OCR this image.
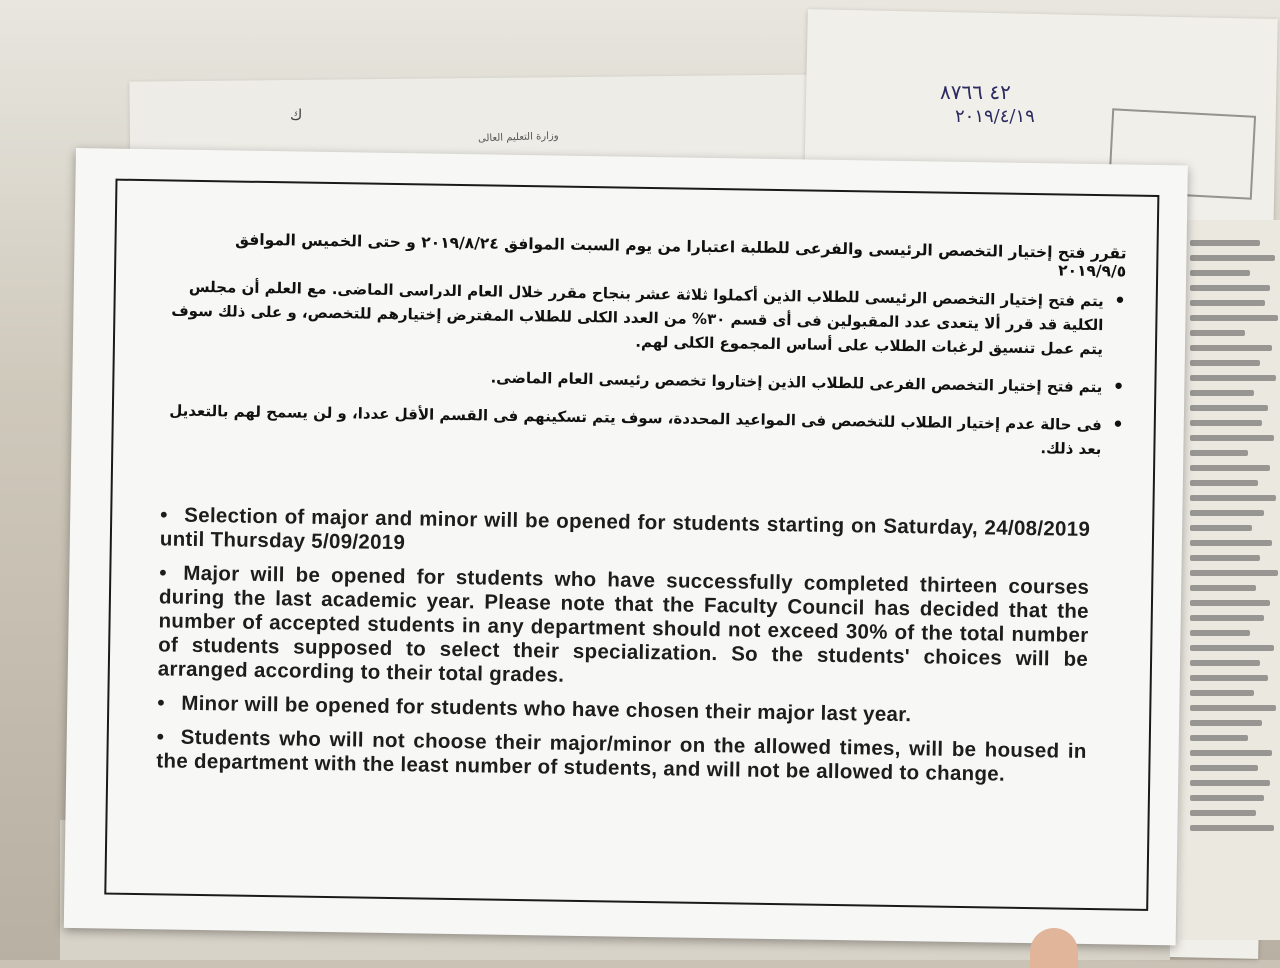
وزارة التعليم العالى
ك
٤٢ ٨٧٦٦
٢٠١٩/٤/١٩
تقرر فتح إختيار التخصص الرئيسى والفرعى للطلبة اعتبارا من يوم السبت الموافق ٢٠١٩/٨/٢٤ و حتى الخميس الموافق ٢٠١٩/٩/٥
• يتم فتح إختيار التخصص الرئيسى للطلاب الذين أكملوا ثلاثة عشر بنجاح مقرر خلال العام الدراسى الماضى. مع العلم أن مجلس الكلية قد قرر ألا يتعدى عدد المقبولين فى أى قسم ٣٠% من العدد الكلى للطلاب المفترض إختيارهم للتخصص، و على ذلك سوف يتم عمل تنسيق لرغبات الطلاب على أساس المجموع الكلى لهم.
• يتم فتح إختيار التخصص الفرعى للطلاب الذين إختاروا تخصص رئيسى العام الماضى.
• فى حالة عدم إختيار الطلاب للتخصص فى المواعيد المحددة، سوف يتم تسكينهم فى القسم الأقل عددا، و لن يسمح لهم بالتعديل بعد ذلك.
• Selection of major and minor will be opened for students starting on Saturday, 24/08/2019 until Thursday 5/09/2019
• Major will be opened for students who have successfully completed thirteen courses during the last academic year. Please note that the Faculty Council has decided that the number of accepted students in any department should not exceed 30% of the total number of students supposed to select their specialization. So the students' choices will be arranged according to their total grades.
• Minor will be opened for students who have chosen their major last year.
• Students who will not choose their major/minor on the allowed times, will be housed in the department with the least number of students, and will not be allowed to change.
